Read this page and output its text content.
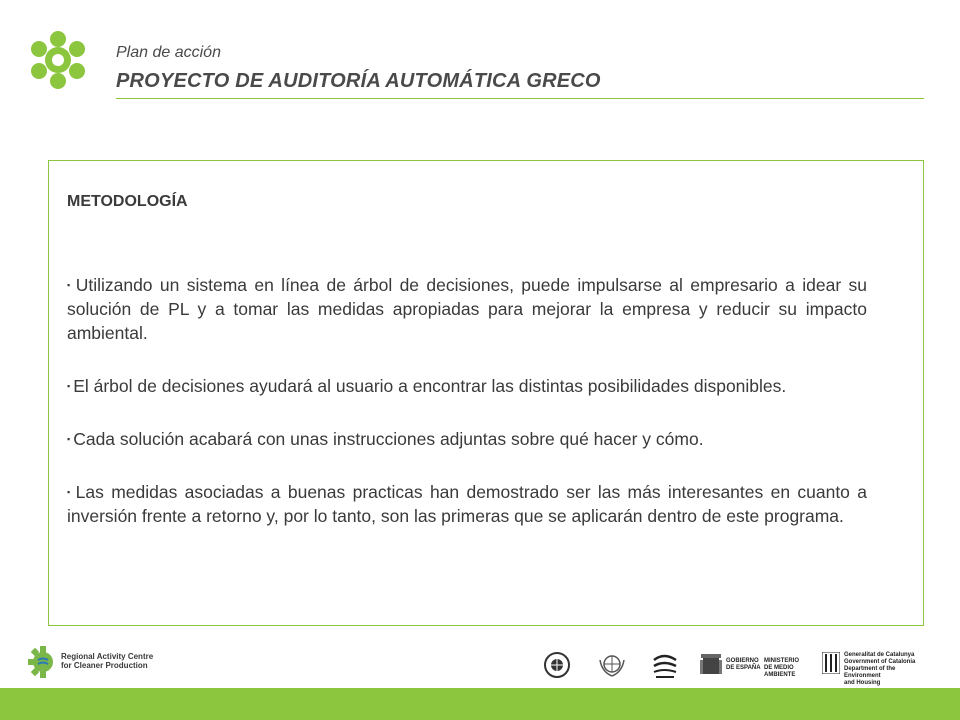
Plan de acción
PROYECTO DE AUDITORÍA AUTOMÁTICA GRECO
METODOLOGÍA

▪ Utilizando un sistema en línea de árbol de decisiones, puede impulsarse al empresario a idear su solución de PL y a tomar las medidas apropiadas para mejorar la empresa y reducir su impacto ambiental.

▪ El árbol de decisiones ayudará al usuario a encontrar las distintas posibilidades disponibles.

▪ Cada solución acabará con unas instrucciones adjuntas sobre qué hacer y cómo.

▪ Las medidas asociadas a buenas practicas han demostrado ser las más interesantes en cuanto a inversión frente a retorno y, por lo tanto, son las primeras que se aplicarán dentro de este programa.

Regional Activity Centre
for Cleaner Production	GOBIERNO
DE ESPAÑA
MINISTERIO
DE MEDIO AMBIENTE
Generalitat de Catalunya
Government of Catalonia
Department of the Environment
and Housing
